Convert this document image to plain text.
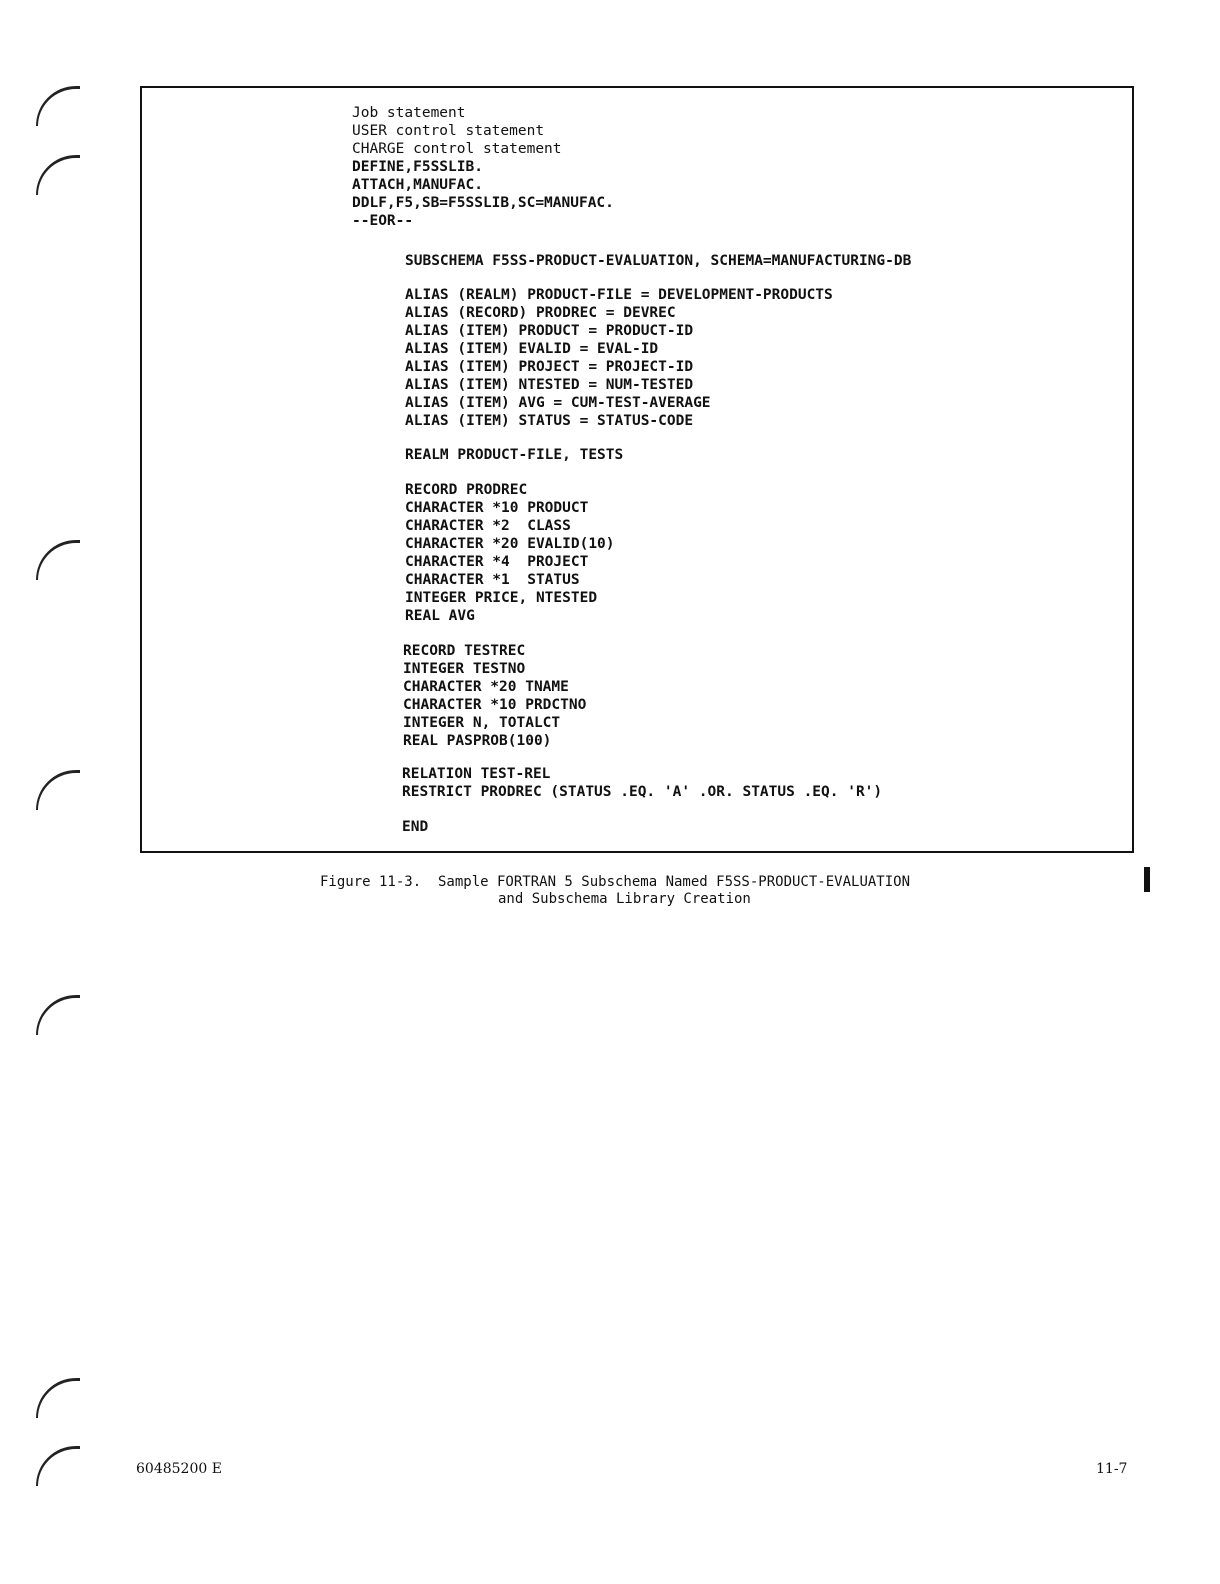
Job statement
USER control statement
CHARGE control statement
DEFINE,F5SSLIB.
ATTACH,MANUFAC.
DDLF,F5,SB=F5SSLIB,SC=MANUFAC.
--EOR--
SUBSCHEMA F5SS-PRODUCT-EVALUATION, SCHEMA=MANUFACTURING-DB
ALIAS (REALM) PRODUCT-FILE = DEVELOPMENT-PRODUCTS
ALIAS (RECORD) PRODREC = DEVREC
ALIAS (ITEM) PRODUCT = PRODUCT-ID
ALIAS (ITEM) EVALID = EVAL-ID
ALIAS (ITEM) PROJECT = PROJECT-ID
ALIAS (ITEM) NTESTED = NUM-TESTED
ALIAS (ITEM) AVG = CUM-TEST-AVERAGE
ALIAS (ITEM) STATUS = STATUS-CODE
REALM PRODUCT-FILE, TESTS
RECORD PRODREC
CHARACTER *10 PRODUCT
CHARACTER *2  CLASS
CHARACTER *20 EVALID(10)
CHARACTER *4  PROJECT
CHARACTER *1  STATUS
INTEGER PRICE, NTESTED
REAL AVG
RECORD TESTREC
INTEGER TESTNO
CHARACTER *20 TNAME
CHARACTER *10 PRDCTNO
INTEGER N, TOTALCT
REAL PASPROB(100)
RELATION TEST-REL
RESTRICT PRODREC (STATUS .EQ. 'A' .OR. STATUS .EQ. 'R')
END
Figure 11-3.  Sample FORTRAN 5 Subschema Named F5SS-PRODUCT-EVALUATION
and Subschema Library Creation
60485200 E	11-7
